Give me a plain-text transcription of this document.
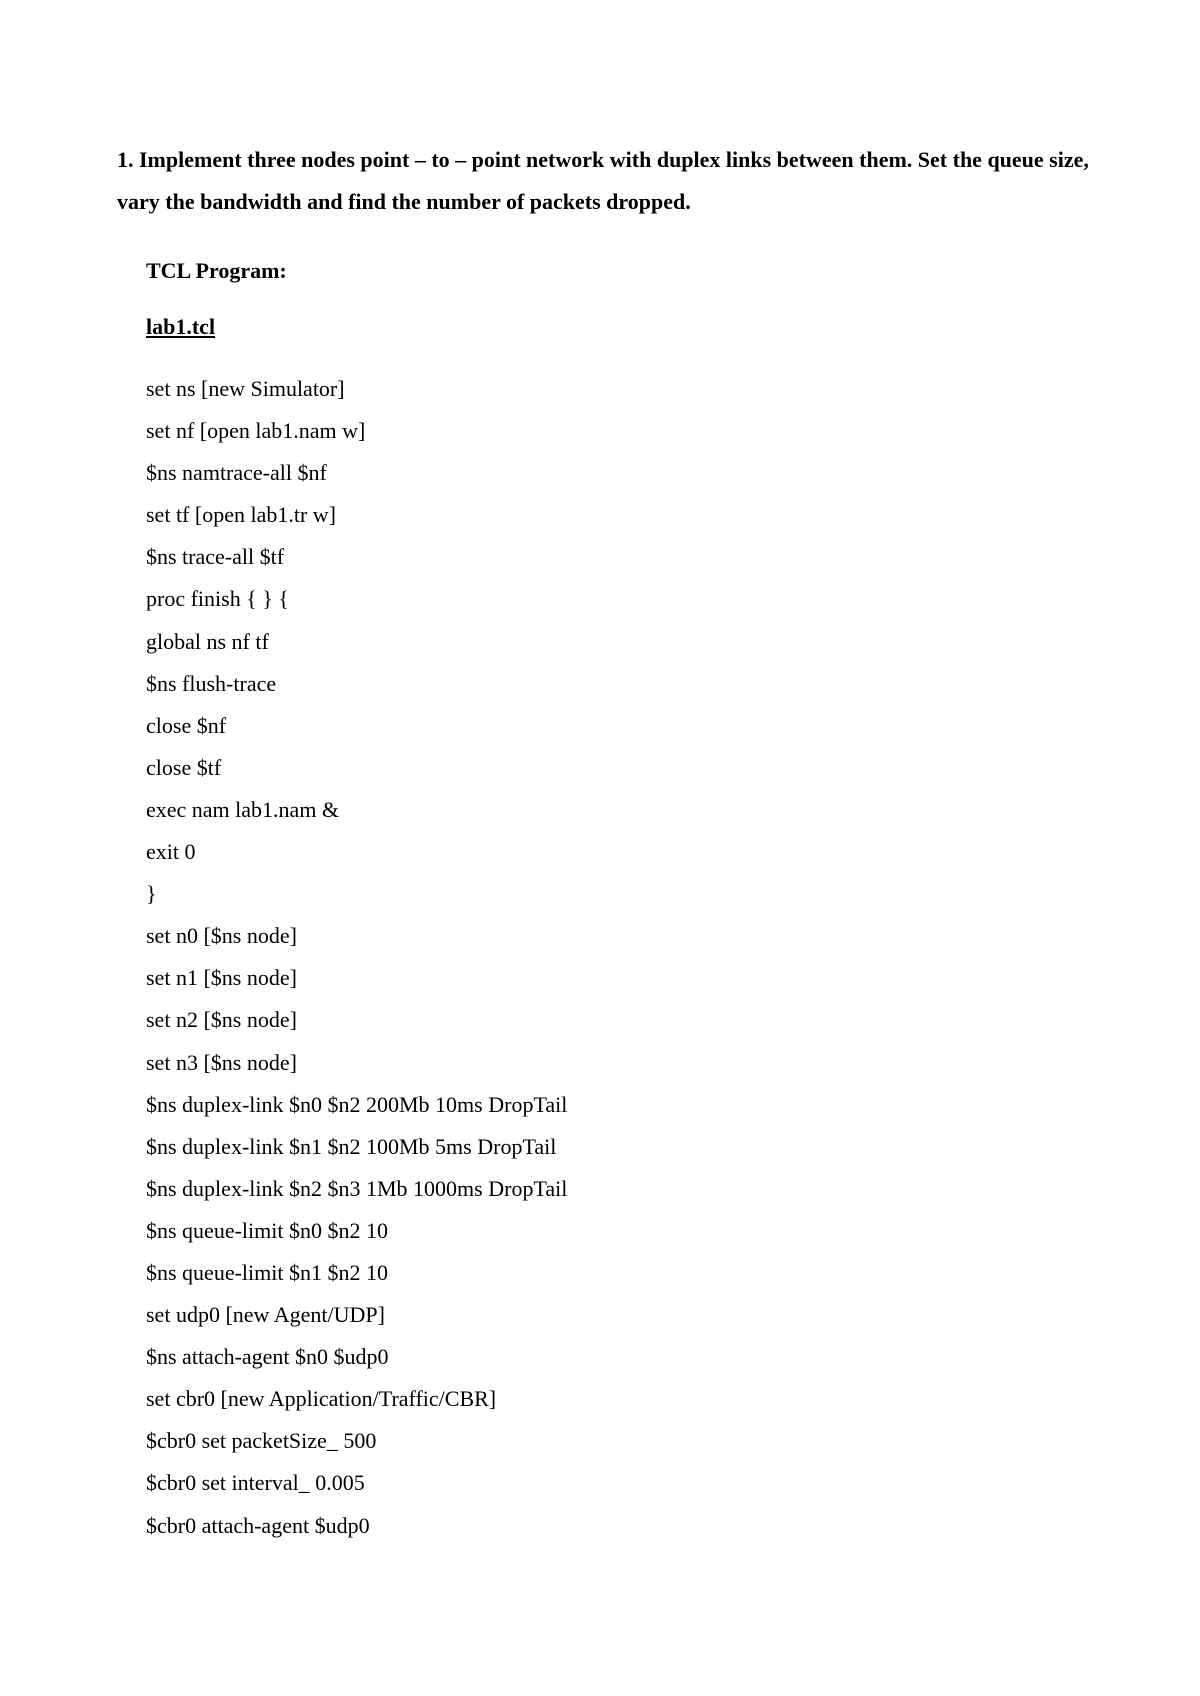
1. Implement three nodes point – to – point network with duplex links between them. Set the queue size, vary the bandwidth and find the number of packets dropped.

TCL Program:

lab1.tcl

set ns [new Simulator]
set nf [open lab1.nam w]
$ns namtrace-all $nf
set tf [open lab1.tr w]
$ns trace-all $tf
proc finish { } {
global ns nf tf
$ns flush-trace
close $nf
close $tf
exec nam lab1.nam &
exit 0
}
set n0 [$ns node]
set n1 [$ns node]
set n2 [$ns node]
set n3 [$ns node]
$ns duplex-link $n0 $n2 200Mb 10ms DropTail
$ns duplex-link $n1 $n2 100Mb 5ms DropTail
$ns duplex-link $n2 $n3 1Mb 1000ms DropTail
$ns queue-limit $n0 $n2 10
$ns queue-limit $n1 $n2 10
set udp0 [new Agent/UDP]
$ns attach-agent $n0 $udp0
set cbr0 [new Application/Traffic/CBR]
$cbr0 set packetSize_ 500
$cbr0 set interval_ 0.005
$cbr0 attach-agent $udp0
